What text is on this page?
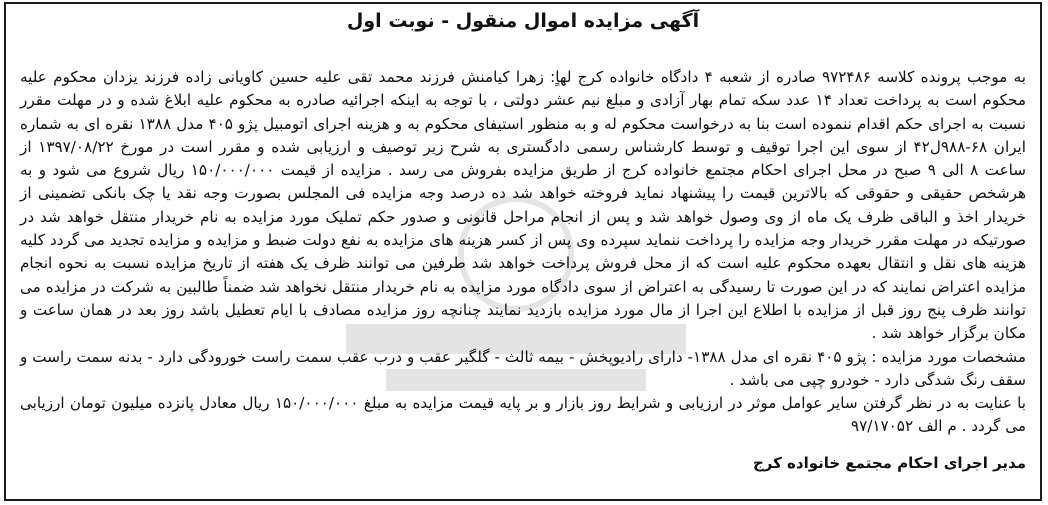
آگهی مزایده اموال منقول - نوبت اول

به موجب پرونده کلاسه ۹۷۲۴۸۶ صادره از شعبه ۴ دادگاه خانواده کرج لهاٍ: زهرا کیامنش فرزند محمد تقی علیه حسین کاویانی زاده فرزند یزدان محکوم علیه محکوم است به پرداخت تعداد ۱۴ عدد سکه تمام بهار آزادی و مبلغ نیم عشر دولتی ، با توجه به اینکه اجرائیه صادره به محکوم علیه ابلاغ شده و در مهلت مقرر نسبت به اجرای حکم اقدام ننموده است بنا به درخواست محکوم له و به منظور استیفای محکوم به و هزینه اجرای اتومبیل پژو ۴۰۵ مدل ۱۳۸۸ نقره ای به شماره ایران ۶۸-۹۸۸ل۴۲ از سوی این اجرا توقیف و توسط کارشناس رسمی دادگستری به شرح زیر توصیف و ارزیابی شده و مقرر است در مورخ ۱۳۹۷/۰۸/۲۲ از ساعت ۸ الی ۹ صبح در محل اجرای احکام مجتمع خانواده کرج از طریق مزایده بفروش می رسد . مزایده از قیمت ۱۵۰/۰۰۰/۰۰۰ ریال شروع می شود و به هرشخص حقیقی و حقوقی که بالاترین قیمت را پیشنهاد نماید فروخته خواهد شد ده درصد وجه مزایده فی المجلس بصورت وجه نقد یا چک بانکی تضمینی از خریدار اخذ و الباقی ظرف یک ماه از وی وصول خواهد شد و پس از انجام مراحل قانونی و صدور حکم تملیک مورد مزایده به نام خریدار منتقل خواهد شد در صورتیکه در مهلت مقرر خریدار وجه مزایده را پرداخت ننماید سپرده وی پس از کسر هزینه های مزایده به نفع دولت ضبط و مزایده و مزایده تجدید می گردد کلیه هزینه های نقل و انتقال بعهده محکوم علیه است که از محل فروش پرداخت خواهد شد طرفین می توانند ظرف یک هفته از تاریخ مزایده نسبت به نحوه انجام مزایده اعتراض نمایند که در این صورت تا رسیدگی به اعتراض از سوی دادگاه مورد مزایده به نام خریدار منتقل نخواهد شد ضمناً طالبین به شرکت در مزایده می توانند ظرف پنج روز قبل از مزایده با اطلاع این اجرا از مال مورد مزایده بازدید نمایند چنانچه روز مزایده مصادف با ایام تعطیل باشد روز بعد در همان ساعت و مکان برگزار خواهد شد .

مشخصات مورد مزایده : پژو ۴۰۵ نقره ای مدل ۱۳۸۸- دارای رادیوپخش - بیمه ثالث - گلگیر عقب و درب عقب سمت راست خورودگی دارد - بدنه سمت راست و سقف رنگ شدگی دارد - خودرو چپی می باشد .

با عنایت به در نظر گرفتن سایر عوامل موثر در ارزیابی و شرایط روز بازار و بر پایه قیمت مزایده به مبلغ ۱۵۰/۰۰۰/۰۰۰ ریال معادل پانزده میلیون تومان ارزیابی می گردد . م الف ۹۷/۱۷۰۵۲

مدیر اجرای احکام مجتمع خانواده کرج
